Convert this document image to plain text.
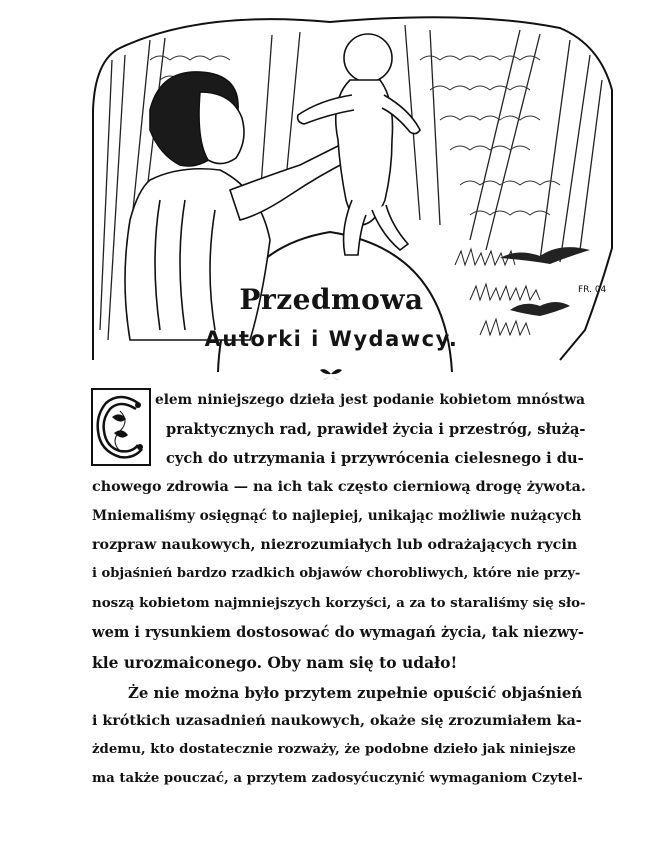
FR. 04
Przedmowa
Autorki i Wydawcy.
elem niniejszego dzieła jest podanie kobietom mnóstwa
praktycznych rad, prawideł życia i przestróg, służą-
cych do utrzymania i przywrócenia cielesnego i du-
chowego zdrowia — na ich tak często cierniową drogę żywota.
Mniemaliśmy osięgnąć to najlepiej, unikając możliwie nużących
rozpraw naukowych, niezrozumiałych lub odrażających rycin
i objaśnień bardzo rzadkich objawów chorobliwych, które nie przy-
noszą kobietom najmniejszych korzyści, a za to staraliśmy się sło-
wem i rysunkiem dostosować do wymagań życia, tak niezwy-
kle urozmaiconego. Oby nam się to udało!
Że nie można było przytem zupełnie opuścić objaśnień
i krótkich uzasadnień naukowych, okaże się zrozumiałem ka-
żdemu, kto dostatecznie rozważy, że podobne dzieło jak niniejsze
ma także pouczać, a przytem zadosyćuczynić wymaganiom Czytel-
